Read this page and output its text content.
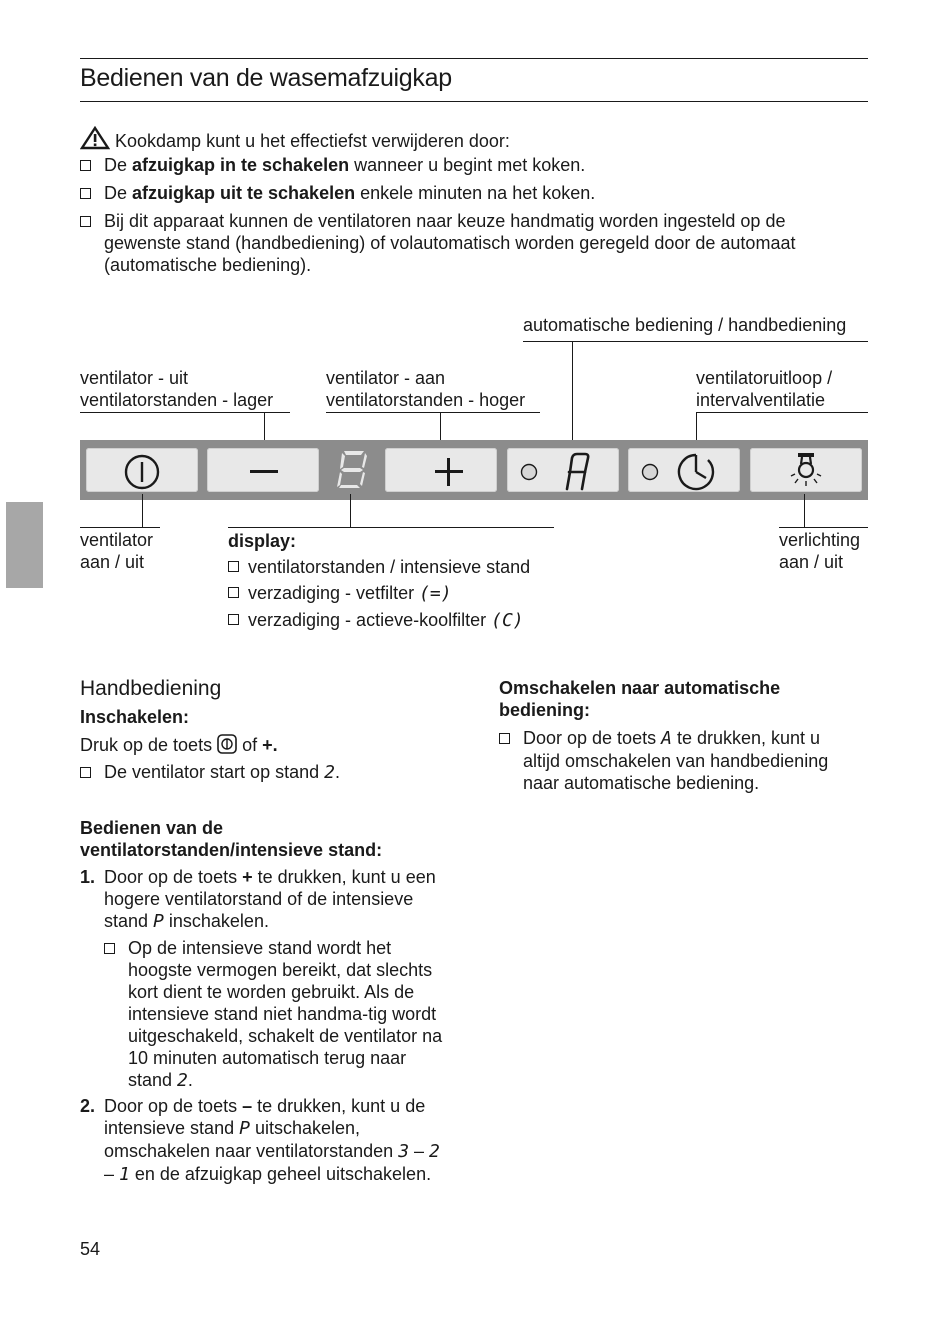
Bedienen van de wasemafzuigkap
Kookdamp kunt u het effectiefst verwijderen door:
De afzuigkap in te schakelen wanneer u begint met koken.
De afzuigkap uit te schakelen enkele minuten na het koken.
Bij dit apparaat kunnen de ventilatoren naar keuze handmatig worden ingesteld op de gewenste stand (handbediening) of volautomatisch worden geregeld door de automaat (automatische bediening).
automatische bediening / handbediening
ventilator - uit
ventilatorstanden - lager
ventilator - aan
ventilatorstanden - hoger
ventilatoruitloop /
intervalventilatie
ventilator
aan / uit
display:
ventilatorstanden / intensieve stand
verzadiging - vetfilter (=)
verzadiging - actieve-koolfilter (C)
verlichting
aan / uit
Handbediening
Inschakelen:
Druk op de toets  of +.
De ventilator start op stand 2.
Bedienen van de
ventilatorstanden/intensieve stand:
1. Door op de toets + te drukken, kunt u een hogere ventilatorstand of de intensieve stand P inschakelen.
Op de intensieve stand wordt het hoogste vermogen bereikt, dat slechts kort dient te worden gebruikt. Als de intensieve stand niet handma-tig wordt uitgeschakeld, schakelt de ventilator na 10 minuten automatisch terug naar stand 2.
2. Door op de toets – te drukken, kunt u de intensieve stand P uitschakelen, omschakelen naar ventilatorstanden 3 – 2 – 1 en de afzuigkap geheel uitschakelen.
Omschakelen naar automatische
bediening:
Door op de toets A te drukken, kunt u altijd omschakelen van handbediening naar automatische bediening.
54
